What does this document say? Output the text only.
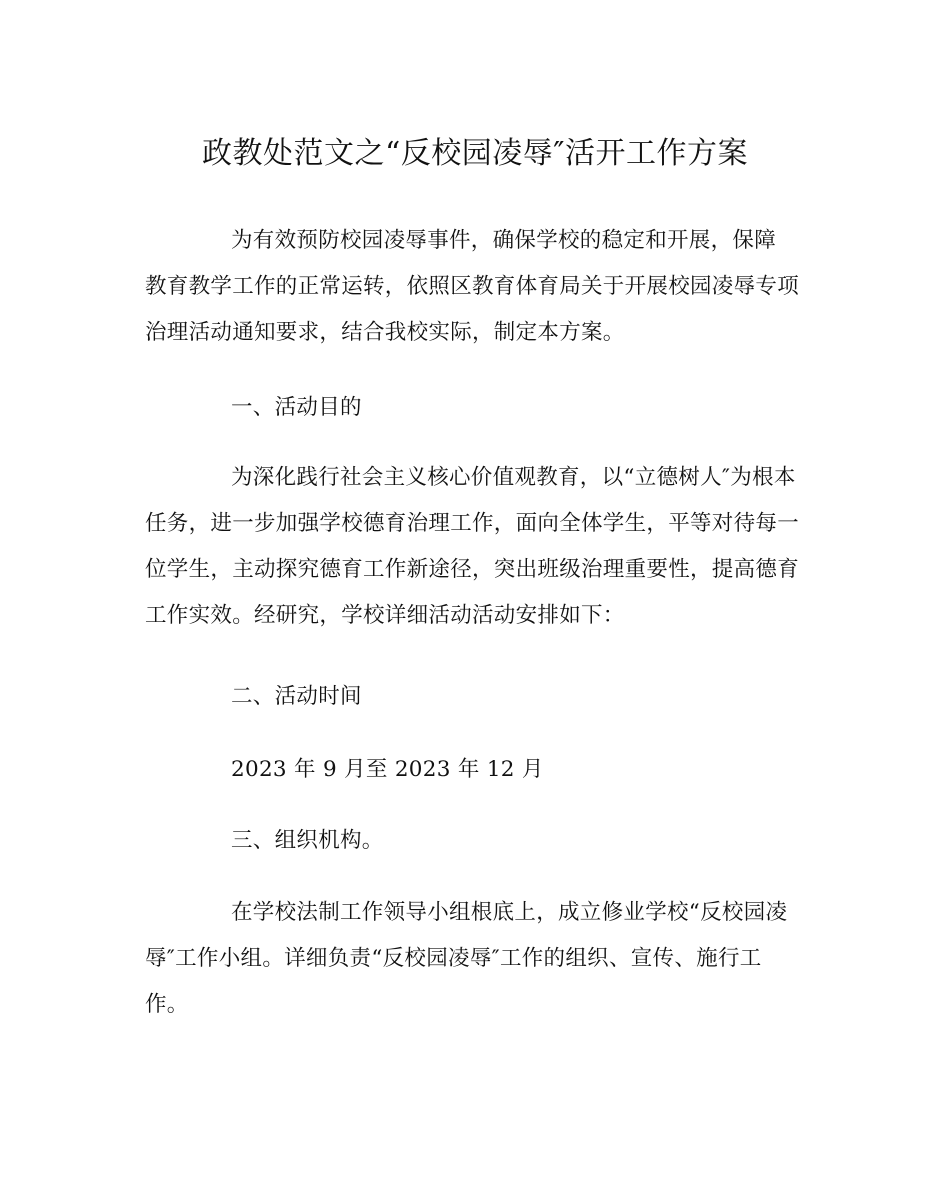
政教处范文之“反校园凌辱″活开工作方案
为有效预防校园凌辱事件，确保学校的稳定和开展，保障
教育教学工作的正常运转，依照区教育体育局关于开展校园凌辱专项
治理活动通知要求，结合我校实际，制定本方案。
一、活动目的
为深化践行社会主义核心价值观教育，以“立德树人″为根本
任务，进一步加强学校德育治理工作，面向全体学生，平等对待每一
位学生，主动探究德育工作新途径，突出班级治理重要性，提高德育
工作实效。经研究，学校详细活动活动安排如下：
二、活动时间
2023 年 9 月至 2023 年 12 月
三、组织机构。
在学校法制工作领导小组根底上，成立修业学校“反校园凌
辱″工作小组。详细负责“反校园凌辱″工作的组织、宣传、施行工
作。
